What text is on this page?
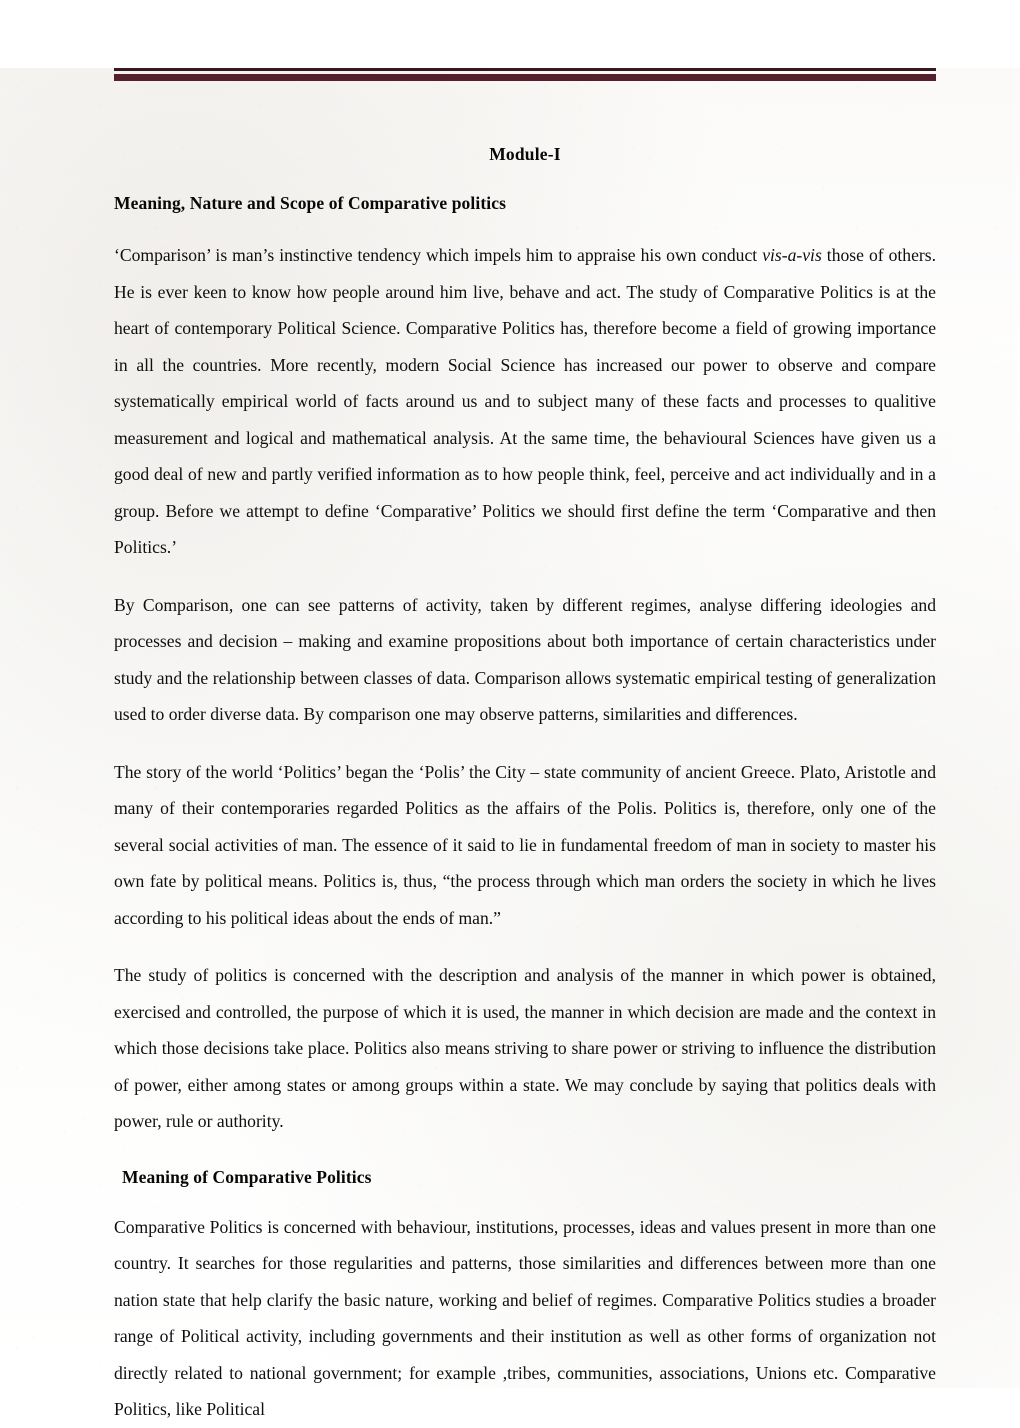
Module-I
Meaning, Nature and Scope of Comparative politics

‘Comparison’ is man’s instinctive tendency which impels him to appraise his own conduct vis-a-vis those of others. He is ever keen to know how people around him live, behave and act. The study of Comparative Politics is at the heart of contemporary Political Science. Comparative Politics has, therefore become a field of growing importance in all the countries. More recently, modern Social Science has increased our power to observe and compare systematically empirical world of facts around us and to subject many of these facts and processes to qualitive measurement and logical and mathematical analysis. At the same time, the behavioural Sciences have given us a good deal of new and partly verified information as to how people think, feel, perceive and act individually and in a group. Before we attempt to define ‘Comparative’ Politics we should first define the term ‘Comparative and then Politics.’

By Comparison, one can see patterns of activity, taken by different regimes, analyse differing ideologies and processes and decision – making and examine propositions about both importance of certain characteristics under study and the relationship between classes of data. Comparison allows systematic empirical testing of generalization used to order diverse data. By comparison one may observe patterns, similarities and differences.

The story of the world ‘Politics’ began the ‘Polis’ the City – state community of ancient Greece. Plato, Aristotle and many of their contemporaries regarded Politics as the affairs of the Polis. Politics is, therefore, only one of the several social activities of man. The essence of it said to lie in fundamental freedom of man in society to master his own fate by political means. Politics is, thus, “the process through which man orders the society in which he lives according to his political ideas about the ends of man.”

The study of politics is concerned with the description and analysis of the manner in which power is obtained, exercised and controlled, the purpose of which it is used, the manner in which decision are made and the context in which those decisions take place. Politics also means striving to share power or striving to influence the distribution of power, either among states or among groups within a state. We may conclude by saying that politics deals with power, rule or authority.

Meaning of Comparative Politics

Comparative Politics is concerned with behaviour, institutions, processes, ideas and values present in more than one country. It searches for those regularities and patterns, those similarities and differences between more than one nation state that help clarify the basic nature, working and belief of regimes. Comparative Politics studies a broader range of Political activity, including governments and their institution as well as other forms of organization not directly related to national government; for example ,tribes, communities, associations, Unions etc. Comparative Politics, like Political
